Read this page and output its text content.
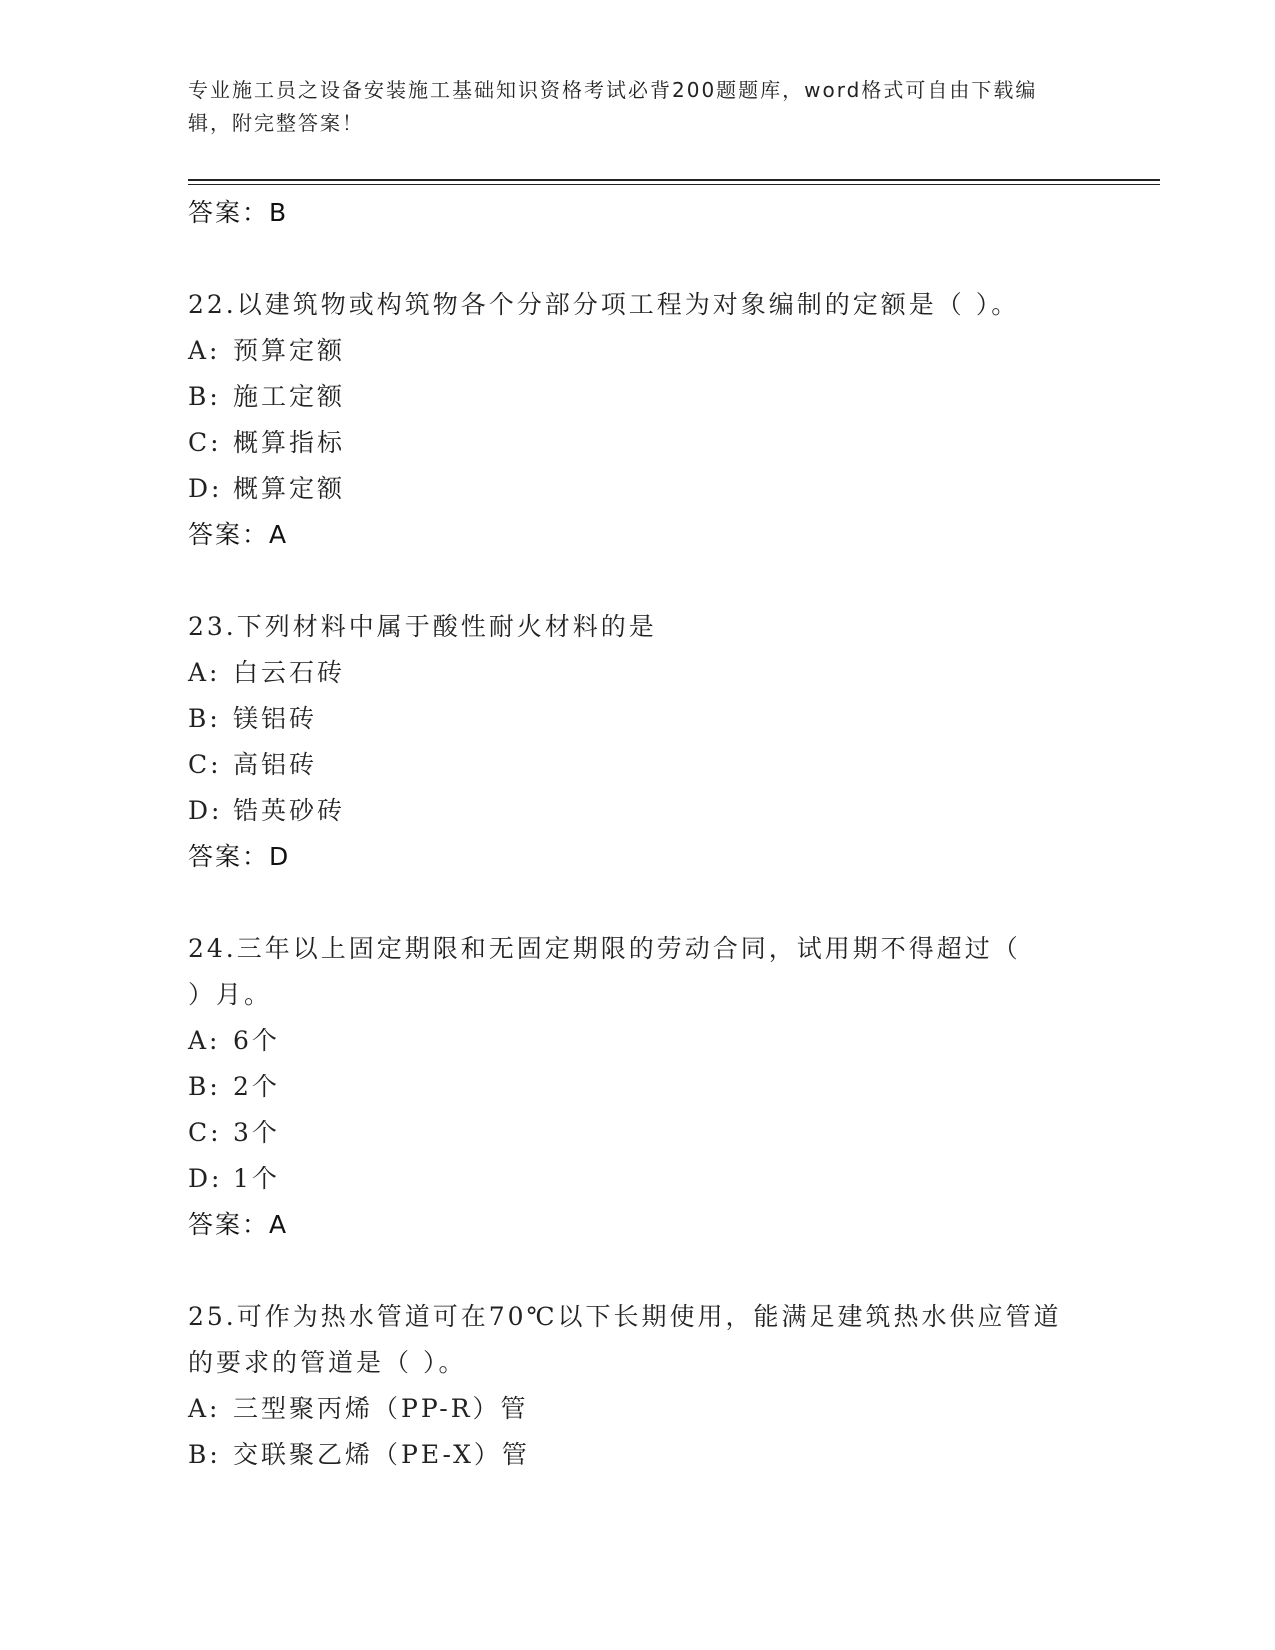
专业施工员之设备安装施工基础知识资格考试必背200题题库，word格式可自由下载编辑，附完整答案！

答案：B
22.以建筑物或构筑物各个分部分项工程为对象编制的定额是（ ）。
A: 预算定额
B: 施工定额
C: 概算指标
D: 概算定额
答案：A
23.下列材料中属于酸性耐火材料的是
A: 白云石砖
B: 镁铝砖
C: 高铝砖
D: 锆英砂砖
答案：D
24.三年以上固定期限和无固定期限的劳动合同，试用期不得超过（ ）月。
A: 6个
B: 2个
C: 3个
D: 1个
答案：A
25.可作为热水管道可在70℃以下长期使用，能满足建筑热水供应管道的要求的管道是（ ）。
A: 三型聚丙烯（PP-R）管
B: 交联聚乙烯（PE-X）管
